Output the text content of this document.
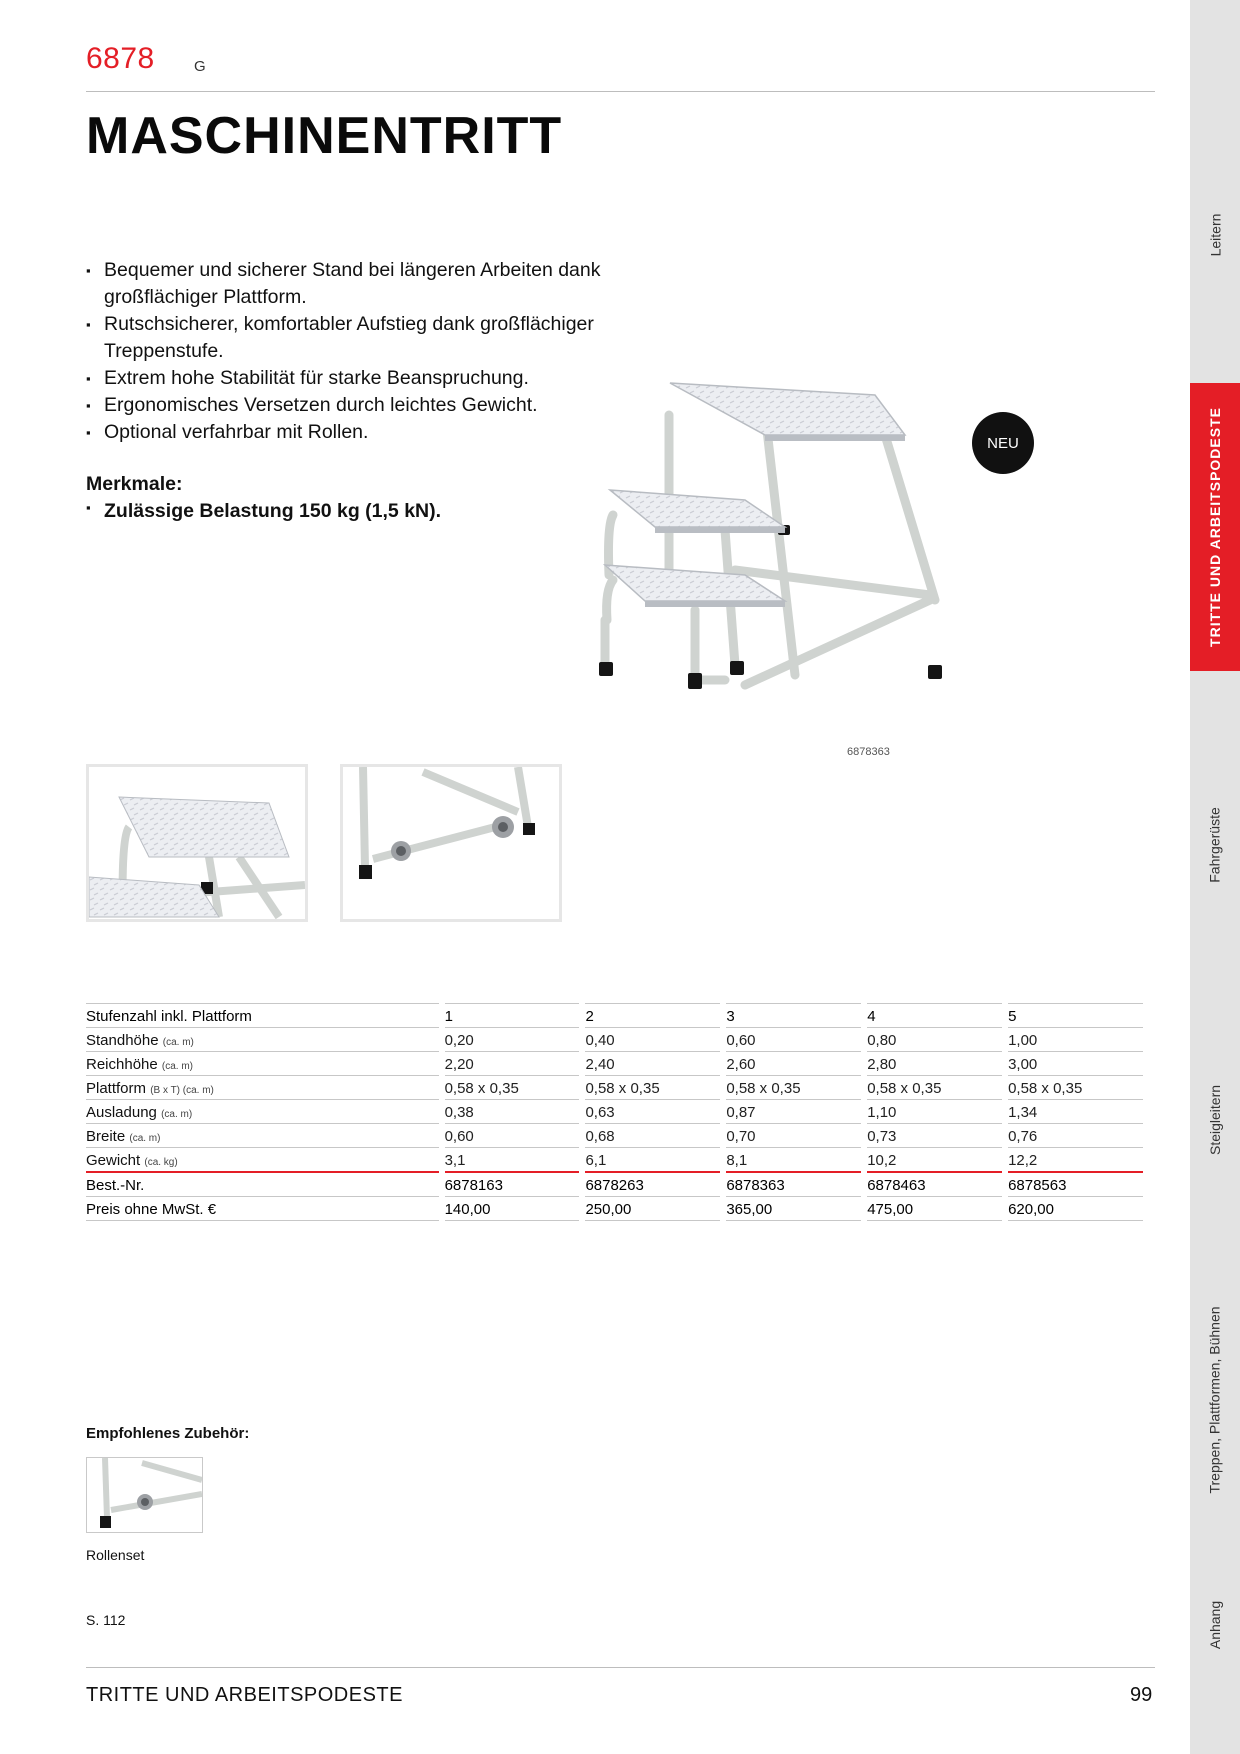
6878	G
MASCHINENTRITT
▪ Bequemer und sicherer Stand bei längeren Arbeiten dank großflächiger Plattform.
▪ Rutschsicherer, komfortabler Aufstieg dank großflächiger Treppenstufe.
▪ Extrem hohe Stabilität für starke Beanspruchung.
▪ Ergonomisches Versetzen durch leichtes Gewicht.
▪ Optional verfahrbar mit Rollen.
Merkmale:
▪ Zulässige Belastung 150 kg (1,5 kN).
NEU
6878363
Stufenzahl inkl. Plattform	1	2	3	4	5
Standhöhe (ca. m)	0,20	0,40	0,60	0,80	1,00
Reichhöhe (ca. m)	2,20	2,40	2,60	2,80	3,00
Plattform (B x T) (ca. m)	0,58 x 0,35	0,58 x 0,35	0,58 x 0,35	0,58 x 0,35	0,58 x 0,35
Ausladung (ca. m)	0,38	0,63	0,87	1,10	1,34
Breite (ca. m)	0,60	0,68	0,70	0,73	0,76
Gewicht (ca. kg)	3,1	6,1	8,1	10,2	12,2
Best.-Nr.	6878163	6878263	6878363	6878463	6878563
Preis ohne MwSt. €	140,00	250,00	365,00	475,00	620,00
Empfohlenes Zubehör:
Rollenset
S. 112
TRITTE UND ARBEITSPODESTE	99
Leitern
TRITTE UND ARBEITSPODESTE
Fahrgerüste
Steigleitern
Treppen, Plattformen, Bühnen
Anhang
